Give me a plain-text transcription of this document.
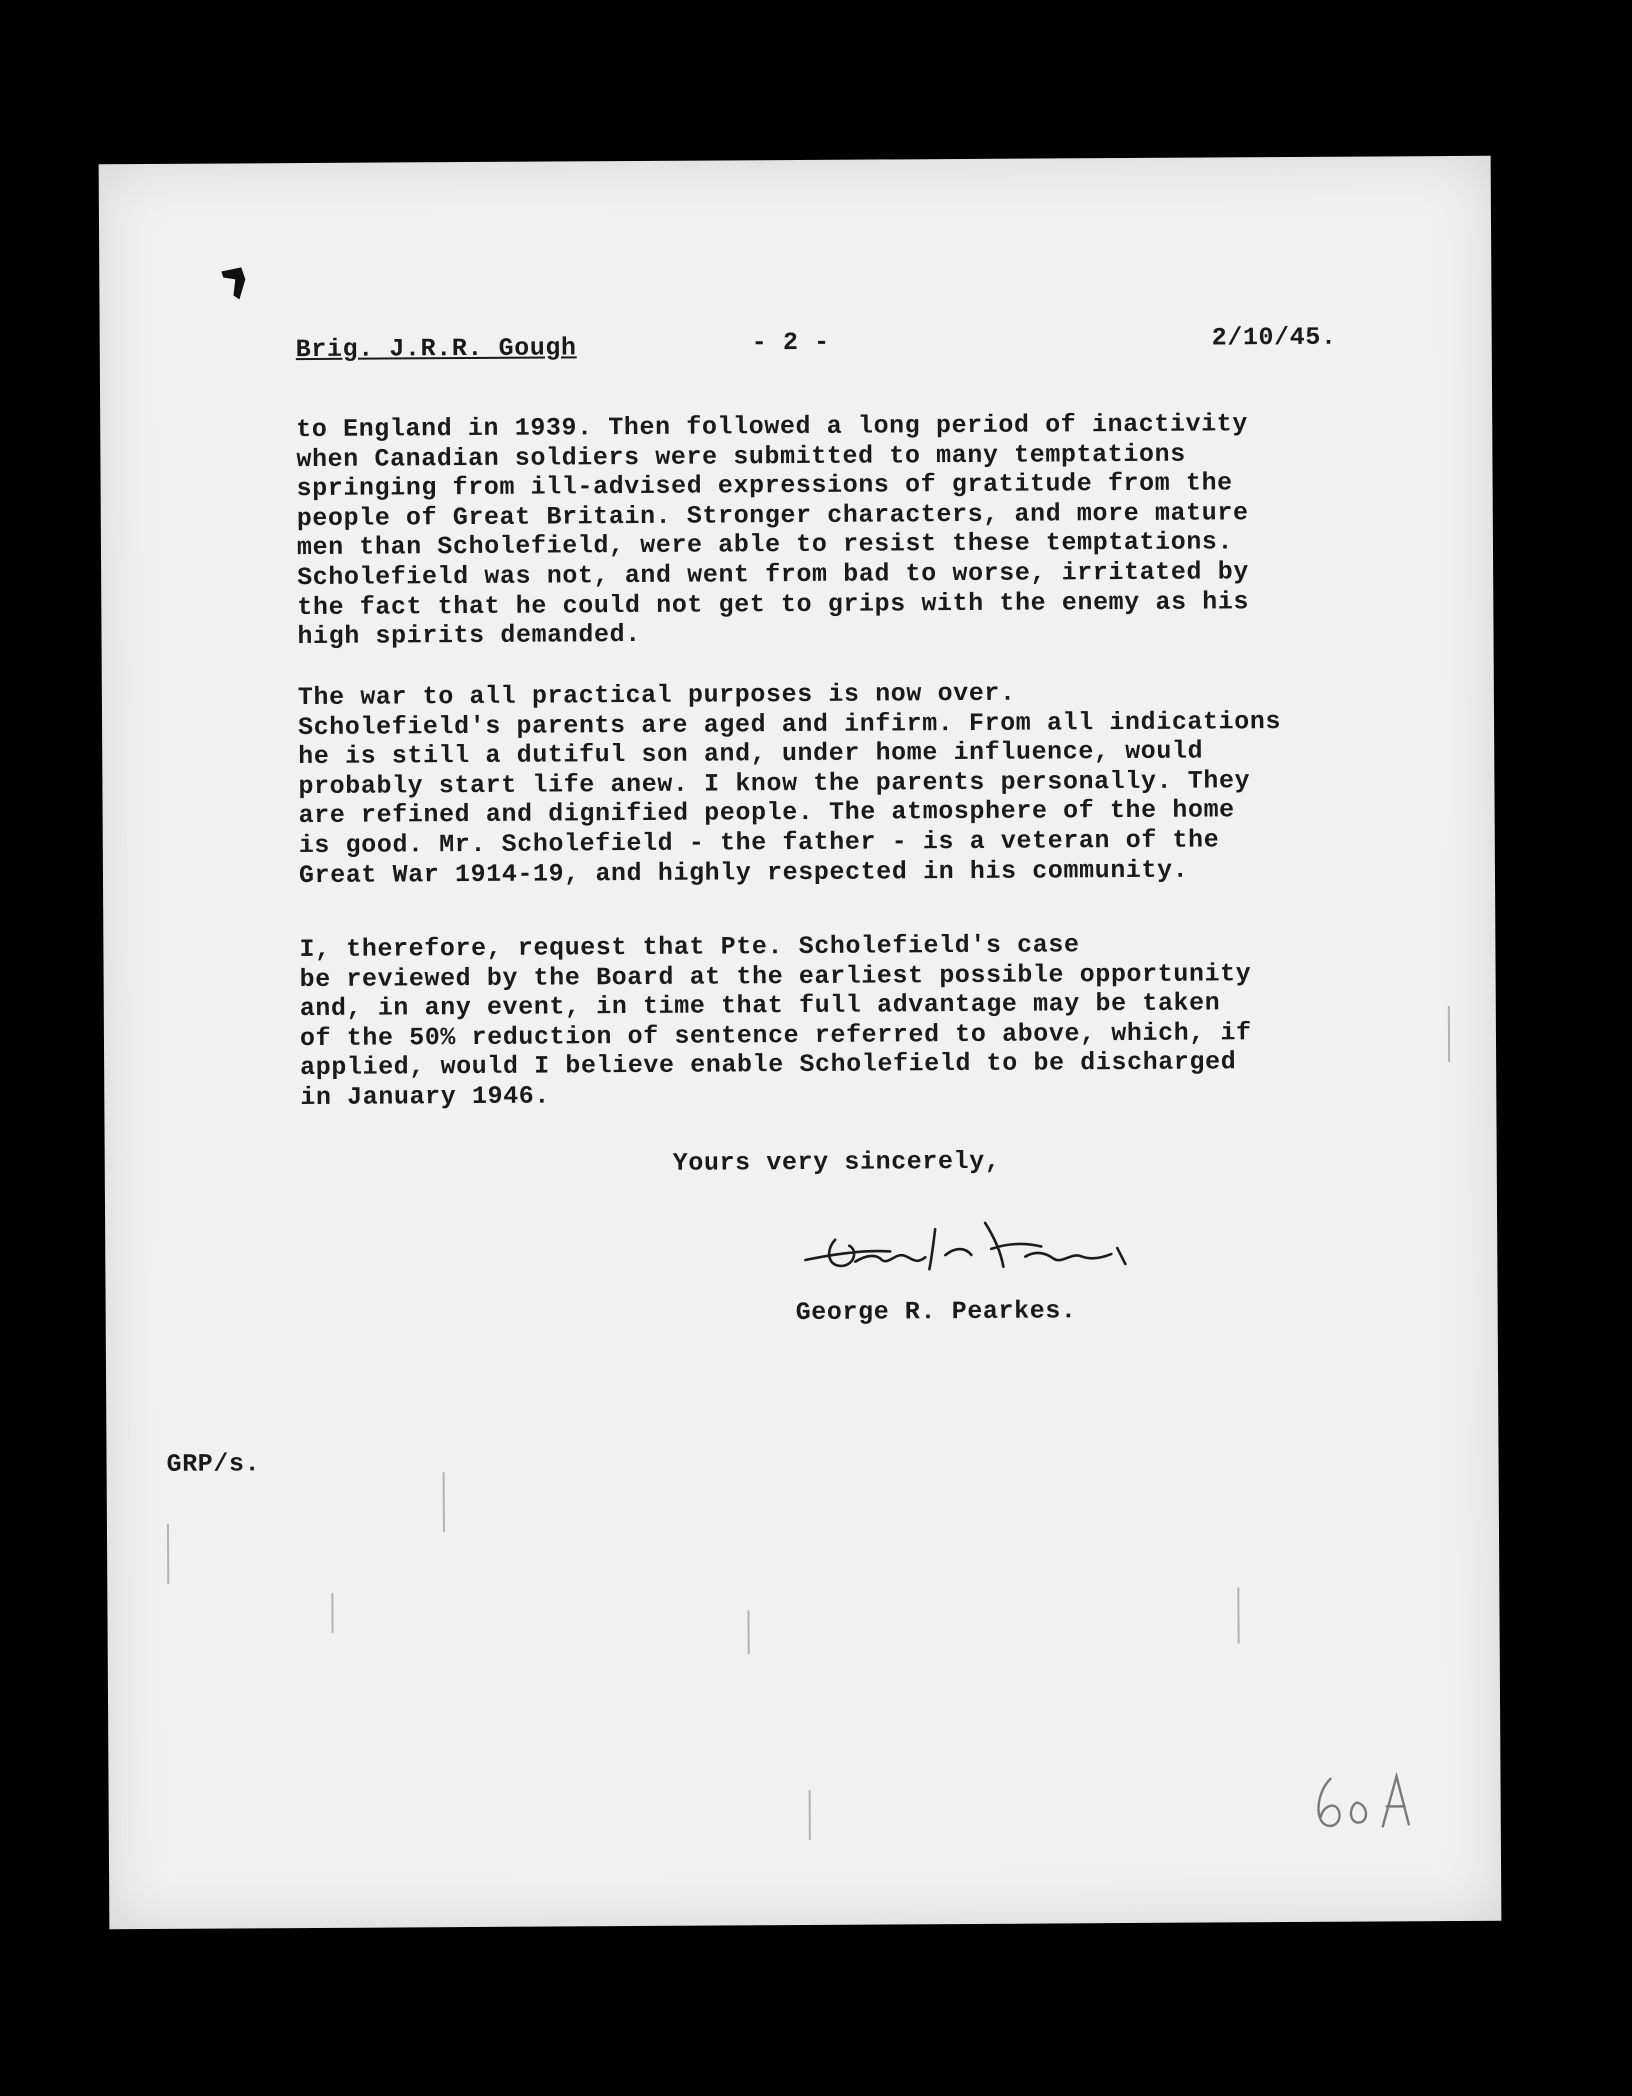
Brig. J.R.R. Gough	- 2 -	2/10/45.
to England in 1939. Then followed a long period of inactivity
when Canadian soldiers were submitted to many temptations
springing from ill-advised expressions of gratitude from the
people of Great Britain. Stronger characters, and more mature
men than Scholefield, were able to resist these temptations.
Scholefield was not, and went from bad to worse, irritated by
the fact that he could not get to grips with the enemy as his
high spirits demanded.
The war to all practical purposes is now over.
Scholefield's parents are aged and infirm. From all indications
he is still a dutiful son and, under home influence, would
probably start life anew. I know the parents personally. They
are refined and dignified people. The atmosphere of the home
is good. Mr. Scholefield - the father - is a veteran of the
Great War 1914-19, and highly respected in his community.
I, therefore, request that Pte. Scholefield's case
be reviewed by the Board at the earliest possible opportunity
and, in any event, in time that full advantage may be taken
of the 50% reduction of sentence referred to above, which, if
applied, would I believe enable Scholefield to be discharged
in January 1946.
Yours very sincerely,
George R. Pearkes.
GRP/s.
